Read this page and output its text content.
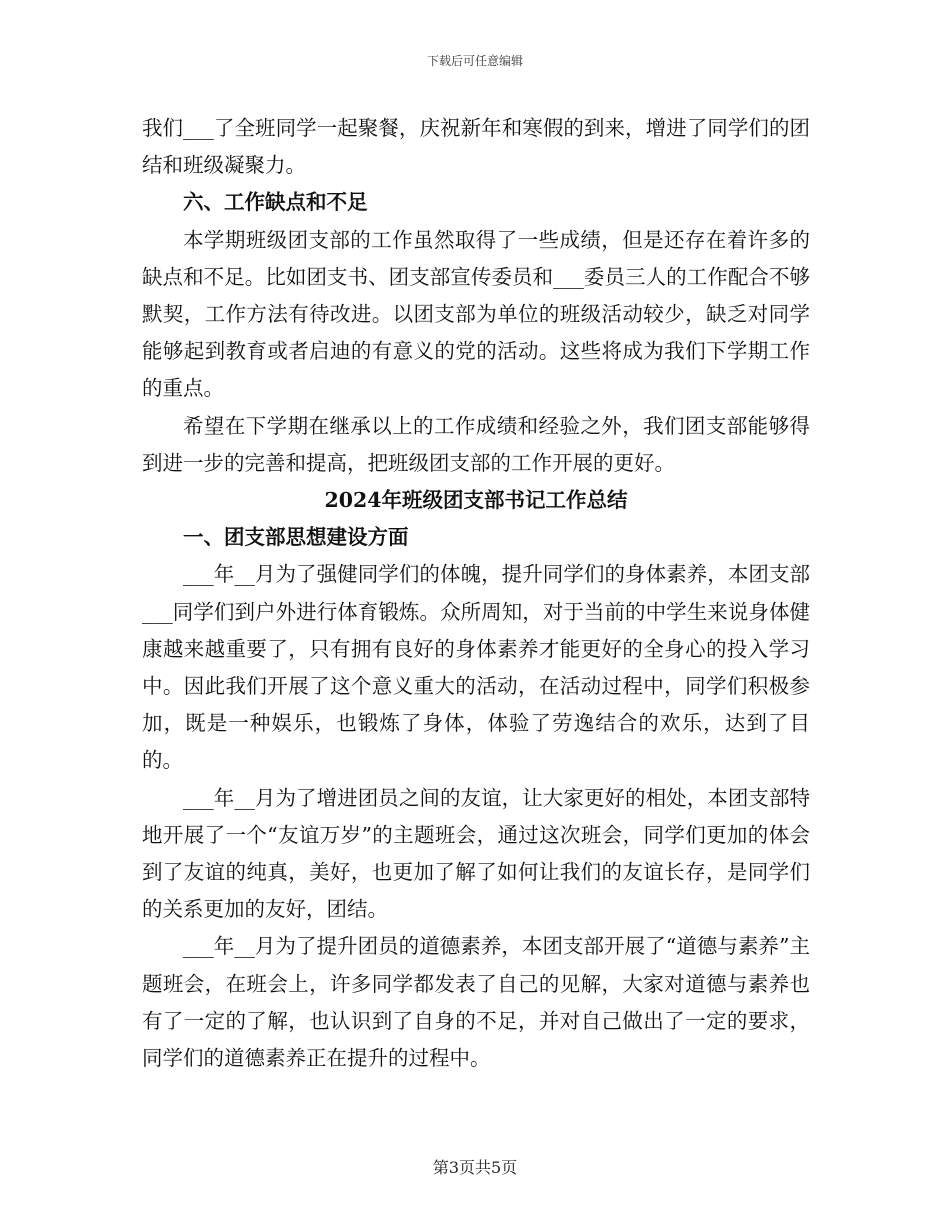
下载后可任意编辑

我们___了全班同学一起聚餐，庆祝新年和寒假的到来，增进了同学们的团结和班级凝聚力。

六、工作缺点和不足

本学期班级团支部的工作虽然取得了一些成绩，但是还存在着许多的缺点和不足。比如团支书、团支部宣传委员和___委员三人的工作配合不够默契，工作方法有待改进。以团支部为单位的班级活动较少，缺乏对同学能够起到教育或者启迪的有意义的党的活动。这些将成为我们下学期工作的重点。

希望在下学期在继承以上的工作成绩和经验之外，我们团支部能够得到进一步的完善和提高，把班级团支部的工作开展的更好。

2024年班级团支部书记工作总结

一、团支部思想建设方面

___年__月为了强健同学们的体魄，提升同学们的身体素养，本团支部___同学们到户外进行体育锻炼。众所周知，对于当前的中学生来说身体健康越来越重要了，只有拥有良好的身体素养才能更好的全身心的投入学习中。因此我们开展了这个意义重大的活动，在活动过程中，同学们积极参加，既是一种娱乐，也锻炼了身体，体验了劳逸结合的欢乐，达到了目的。

___年__月为了增进团员之间的友谊，让大家更好的相处，本团支部特地开展了一个“友谊万岁”的主题班会，通过这次班会，同学们更加的体会到了友谊的纯真，美好，也更加了解了如何让我们的友谊长存，是同学们的关系更加的友好，团结。

___年__月为了提升团员的道德素养，本团支部开展了“道德与素养”主题班会，在班会上，许多同学都发表了自己的见解，大家对道德与素养也有了一定的了解，也认识到了自身的不足，并对自己做出了一定的要求，同学们的道德素养正在提升的过程中。

第3页共5页
